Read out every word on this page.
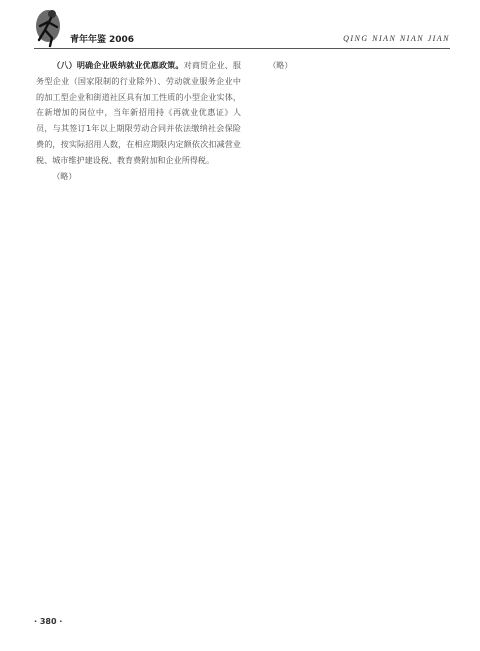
青年年鉴 2006	QING NIAN NIAN JIAN

（八）明确企业吸纳就业优惠政策。对商贸企业、服务型企业（国家限制的行业除外）、劳动就业服务企业中的加工型企业和街道社区具有加工性质的小型企业实体，在新增加的岗位中，当年新招用持《再就业优惠证》人员，与其签订1年以上期限劳动合同并依法缴纳社会保险费的，按实际招用人数，在相应期限内定额依次扣减营业税、城市维护建设税、教育费附加和企业所得税。

（略）

（略）

· 380 ·
